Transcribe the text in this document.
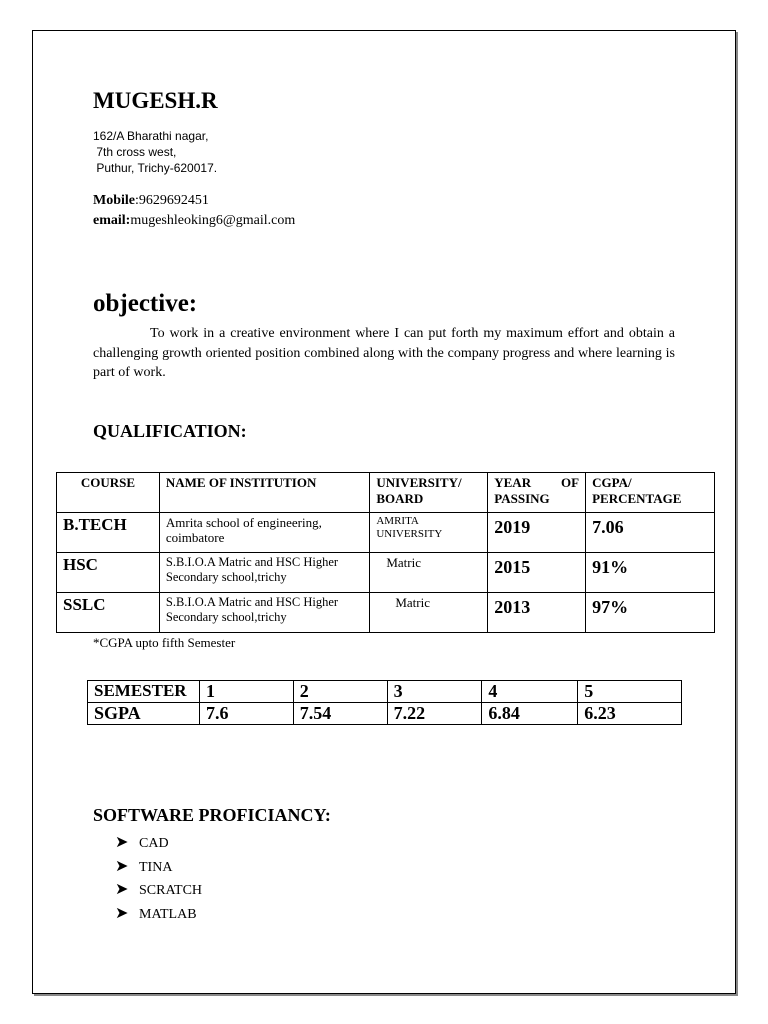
MUGESH.R
162/A Bharathi nagar,
7th cross west,
Puthur, Trichy-620017.
Mobile:9629692451
email:mugeshleoking6@gmail.com
objective:
To work in a creative environment where I can put forth my maximum effort and obtain a challenging growth oriented position combined along with the company progress and where learning is part of work.
QUALIFICATION:
COURSE	NAME OF INSTITUTION	UNIVERSITY/ BOARD	YEAR OF PASSING	CGPA/ PERCENTAGE
B.TECH	Amrita school of engineering, coimbatore	AMRITA UNIVERSITY	2019	7.06
HSC	S.B.I.O.A Matric and HSC Higher Secondary school,trichy	Matric	2015	91%
SSLC	S.B.I.O.A Matric and HSC Higher Secondary school,trichy	Matric	2013	97%
*CGPA upto fifth Semester
SEMESTER	1	2	3	4	5
SGPA	7.6	7.54	7.22	6.84	6.23
SOFTWARE PROFICIANCY:
➤ CAD
➤ TINA
➤ SCRATCH
➤ MATLAB
